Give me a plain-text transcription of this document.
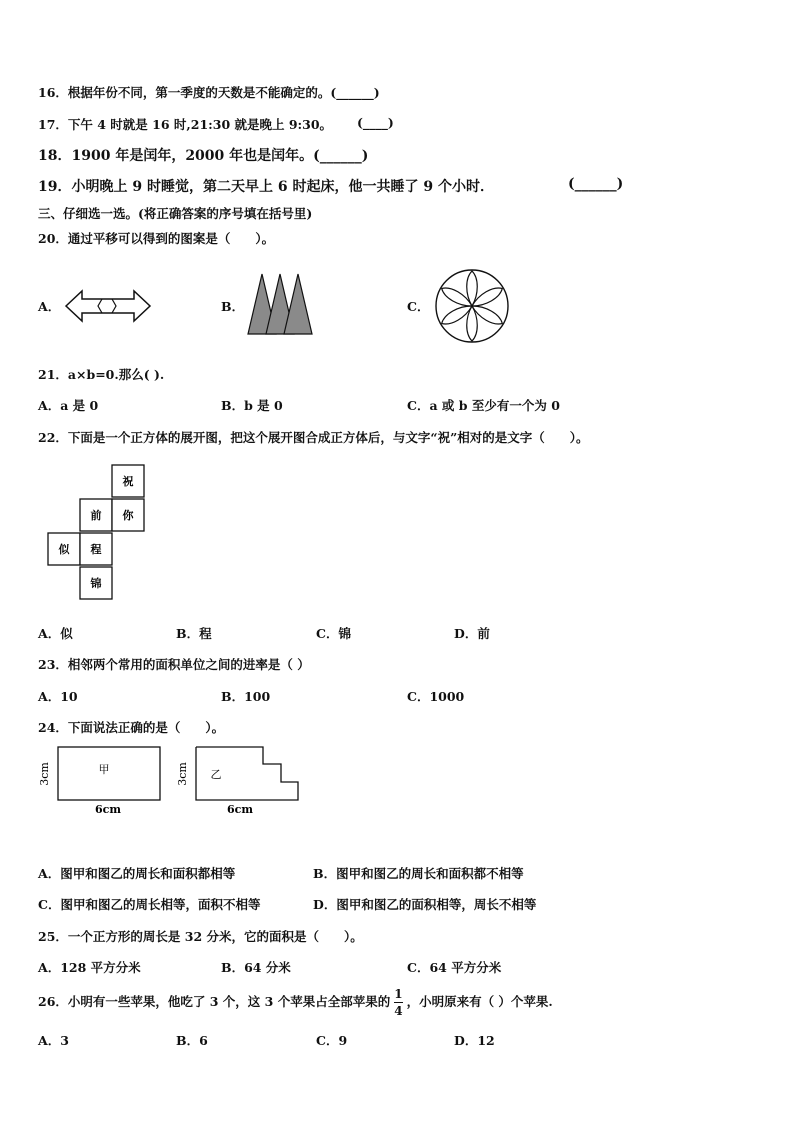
16．根据年份不同，第一季度的天数是不能确定的。(______)
17．下午 4 时就是 16 时,21:30 就是晚上 9:30。 (____)
18．1900 年是闰年，2000 年也是闰年。(______)
19．小明晚上 9 时睡觉，第二天早上 6 时起床，他一共睡了 9 个小时．	(______)
三、仔细选一选。(将正确答案的序号填在括号里)
20．通过平移可以得到的图案是（　　）。
A．	B．	C．
21．a×b=0.那么( ).
A．a 是 0	B．b 是 0	C．a 或 b 至少有一个为 0
22．下面是一个正方体的展开图，把这个展开图合成正方体后，与文字“祝”相对的是文字（　　）。
祝
前 你
似 程
锦
A．似	B．程	C．锦	D．前
23．相邻两个常用的面积单位之间的进率是（ ）
A．10	B．100	C．1000
24．下面说法正确的是（　　）。
甲
3cm
6cm
乙
3cm
6cm
A．图甲和图乙的周长和面积都相等	B．图甲和图乙的周长和面积都不相等
C．图甲和图乙的周长相等，面积不相等	D．图甲和图乙的面积相等，周长不相等
25．一个正方形的周长是 32 分米，它的面积是（　　）。
A．128 平方分米	B．64 分米	C．64 平方分米
26．小明有一些苹果，他吃了 3 个，这 3 个苹果占全部苹果的 $\frac{1}{4}$ ，小明原来有（ ）个苹果.
A．3	B．6	C．9	D．12
